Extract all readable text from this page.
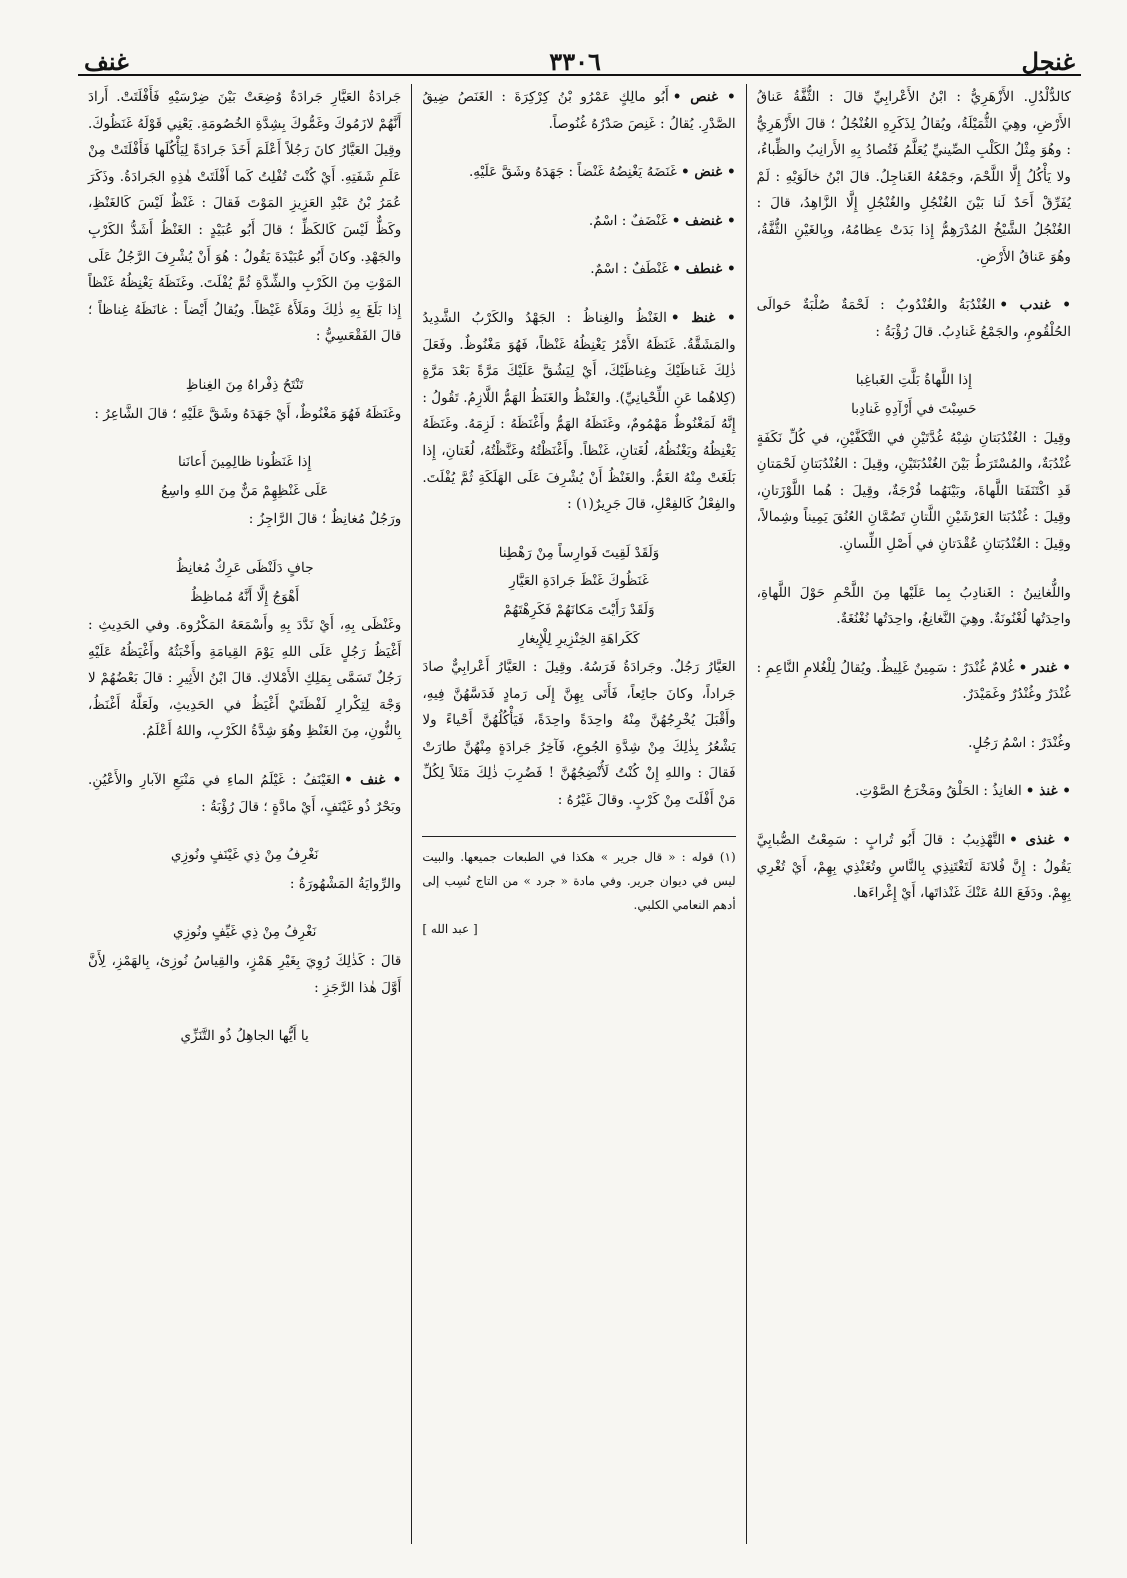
غنف	٣٣٠٦	غنجل

كالدُّلْدُلِ. الأَزْهَرِيُّ : ابْنُ الأَعْرابِيِّ قالَ : الثُّفَّةُ عَناقُ الأَرْضِ، وهِيَ الثُّمَيْلَةُ، ويُقالُ لِذَكَرِهِ الغُنْجُلُ ؛ قالَ الأَزْهَرِيُّ : وهُوَ مِثْلُ الكَلْبِ الصِّينيِّ يُعَلَّمُ فَتُصادُ بِهِ الأَرانِبُ والظِّباءُ، ولا يَأْكُلُ إِلَّا اللَّحْمَ، وجَمْعُهُ الغَناجِلُ. قالَ ابْنُ خالَوَيْهِ : لَمْ يُفَرِّقْ أَحَدٌ لَنا بَيْنَ الغُنْجُلِ والغُنْجُلِ إِلَّا الزَّاهِدُ، قالَ : الغُنْجُلُ الشَّيْخُ المُدْرَهِمُّ إِذا بَدَتْ عِظامُهُ، وبِالغَيْنِ الثُّفَّةُ، وهُوَ عَناقُ الأَرْضِ.

• غندب •الغُنْدُبَةُ والغُنْدُوبُ : لَحْمَةٌ صُلْبَةٌ حَوالَى الحُلْقُومِ، والجَمْعُ غَنادِبُ. قالَ رُؤْبَةُ :

إِذا اللَّهاةُ بَلَّتِ الغَباغِبا
حَسِبْتَ في أَرْآدِهِ غَنادِبا

وقِيلَ : الغُنْدُبَتانِ شِبْهُ غُدَّتَيْنِ في التَّكَفَّيْنِ، في كُلِّ نَكَفَةٍ غُنْدُبَةٌ، والمُسْتَرَطُ بَيْنَ الغُنْدُبَتَيْنِ، وقِيلَ : الغُنْدُبَتانِ لَحْمَتانِ قَدِ اكْتَنَفَتا اللَّهاةَ، وبَيْنَهُما فُرْجَةٌ، وقِيلَ : هُما اللَّوْزَتانِ، وقِيلَ : غُنْدُبَتا العَرْشَيْنِ اللَّتانِ تَضُمَّانِ العُنُقَ يَمِيناً وشِمالاً، وقِيلَ : الغُنْدُبَتانِ عُقْدَتانِ في أَصْلِ اللِّسانِ.

واللُّغانِينُ : الغَنادِبُ بِما عَلَيْها مِنَ اللَّحْمِ حَوْلَ اللَّهاةِ، واحِدَتُها لُغْنُونَةٌ. وهِيَ النَّغانِغُ، واحِدَتُها نُغْنُغَةٌ.

• غندر •غُلامٌ غُنْدَرٌ : سَمِينٌ غَلِيظٌ. ويُقالُ لِلْغُلامِ النَّاعِمِ : غُنْدَرٌ وغُنْدُرٌ وغَمَيْدَرٌ.

وغُنْدَرٌ : اسْمُ رَجُلٍ.

• غنذ •الغانِذُ : الحَلْقُ ومَخْرَجُ الصَّوْتِ.

• غنذى •التَّهْذِيبُ : قالَ أَبُو تُرابٍ : سَمِعْتُ الصُّبابِيَّ يَقُولُ : إِنَّ فُلانَةَ لَتَغْتَنِذِي بِالنَّاسِ وتُغَنْذِي بِهِمْ، أَيْ تُغْرِي بِهِمْ. ودَفَعَ اللهُ عَنْكَ غَنْذاتَها، أَيْ إِغْراءَها.

• غنص •أَبُو مالِكٍ عَمْرُو بْنُ كِرْكِرَةَ : الغَنَصُ ضِيقُ الصَّدْرِ. يُقالُ : غَنِصَ صَدْرُهُ غُنُوصاً.

• غنض •غَنَضَهُ يَغْنِضُهُ غَنْضاً : جَهَدَهُ وشَقَّ عَلَيْهِ.

• غنضف •غَنْضَفٌ : اسْمٌ.

• غنطف •غَنْطَفٌ : اسْمٌ.

• غنظ •الغَنْظُ والغِناظُ : الجَهْدُ والكَرْبُ الشَّدِيدُ والمَشَقَّةُ. غَنَظَهُ الأَمْرُ يَغْنِظُهُ غَنْظاً، فَهُوَ مَغْنُوظٌ. وفَعَلَ ذٰلِكَ غَناظَيْكَ وغِناظَيْكَ، أَيْ لِيَشُقَّ عَلَيْكَ مَرَّةً بَعْدَ مَرَّةٍ (كِلاهُما عَنِ اللِّحْيانِيِّ). والغَنْظُ والغَنَظُ الهَمُّ اللَّازِمُ. تَقُولُ : إِنَّهُ لَمَغْنُوظٌ مَهْمُومٌ، وغَنَظَهُ الهَمُّ وأَغْنَظَهُ : لَزِمَهُ. وغَنَظَهُ يَغْنِظُهُ ويَغْنُظُهُ، لُغَتانِ، غَنْظاً. وأَغْنَظْتُهُ وغَنَّظْتُهُ، لُغَتانِ، إِذا بَلَغَتْ مِنْهُ الغَمُّ. والغَنْظُ أَنْ يُشْرِفَ عَلَى الهَلَكَةِ ثُمَّ يُفْلَتَ. والفِعْلُ كَالفِعْلِ، قالَ جَرِيرٌ(١) :

وَلَقَدْ لَقِيتَ فَوارِساً مِنْ رَهْطِنا
غَنَظُوكَ غَنْظَ جَرادَةِ العَيَّارِ
وَلَقَدْ رَأَيْتَ مَكانَهُمْ فَكَرِهْتَهُمْ
كَكَراهَةِ الخِنْزِيرِ لِلْإِيغارِ

العَيَّارُ رَجُلٌ. وجَرادَةُ فَرَسُهُ. وقِيلَ : العَيَّارُ أَعْرابِيٌّ صادَ جَراداً، وكانَ جائِعاً، فَأَتَى بِهِنَّ إِلَى رَمادٍ فَدَسَّهُنَّ فِيهِ، وأَقْبَلَ يُخْرِجُهُنَّ مِنْهُ واحِدَةً واحِدَةً، فَيَأْكُلُهُنَّ أَحْياءً ولا يَشْعُرُ بِذٰلِكَ مِنْ شِدَّةِ الجُوعِ، فَآخِرُ جَرادَةٍ مِنْهُنَّ طارَتْ فَقالَ : واللهِ إِنْ كُنْتُ لَأُنْضِجُهُنَّ ! فَضُرِبَ ذٰلِكَ مَثَلاً لِكُلِّ مَنْ أَفْلَتَ مِنْ كَرْبٍ. وقالَ غَيْرُهُ :

(١) قوله : « قال جرير » هكذا في الطبعات جميعها. والبيت ليس في ديوان جرير. وفي مادة « جرد » من التاج نُسِب إلى أدهم النعامي الكلبي.
[ عبد الله ]

جَرادَةُ العَيَّارِ جَرادَةٌ وُضِعَتْ بَيْنَ ضِرْسَيْهِ فَأَفْلَتَتْ. أَرادَ أَنَّهُمْ لازَمُوكَ وغَمُّوكَ بِشِدَّةِ الخُصُومَةِ. يَعْنِي قَوْلَهُ غَنَظُوكَ. وقِيلَ العَيَّارُ كانَ رَجُلاً أَعْلَمَ أَخَذَ جَرادَةً لِيَأْكُلَها فَأَفْلَتَتْ مِنْ عَلَمِ شَفَتِهِ. أَيْ كُنْتَ تُفْلِتُ كَما أَفْلَتَتْ هٰذِهِ الجَرادَةُ. وذَكَرَ عُمَرُ بْنُ عَبْدِ العَزِيزِ المَوْتَ فَقالَ : غَنْظٌ لَيْسَ كَالغَنْظِ، وكَظٌّ لَيْسَ كَالكَظِّ ؛ قالَ أَبُو عُبَيْدٍ : الغَنْظُ أَشَدُّ الكَرْبِ والجَهْدِ. وكانَ أَبُو عُبَيْدَةَ يَقُولُ : هُوَ أَنْ يُشْرِفَ الرَّجُلُ عَلَى المَوْتِ مِنَ الكَرْبِ والشِّدَّةِ ثُمَّ يُفْلَتَ. وغَنَظَهُ يَغْنِظُهُ غَنْظاً إِذا بَلَغَ بِهِ ذٰلِكَ ومَلَأَهُ غَيْظاً. ويُقالُ أَيْضاً : غانَظَهُ غِناظاً ؛ قالَ الفَقْعَسِيُّ :

تَنْتَحُ ذِفْراهُ مِنَ الغِناظِ

وغَنَظَهُ فَهُوَ مَغْنُوظٌ، أَيْ جَهَدَهُ وشَقَّ عَلَيْهِ ؛ قالَ الشَّاعِرُ :

إِذا غَنَظُونا ظالِمِينَ أَعانَنا
عَلَى غَنْظِهِمْ مَنٌّ مِنَ اللهِ واسِعُ

ورَجُلٌ مُغانِظٌ ؛ قالَ الرَّاجِزُ :

جافٍ دَلَنْظَى عَرِكٌ مُغانِظُ
أَهْوَجُ إِلَّا أَنَّهُ مُماظِظُ

وغَنْظَى بِهِ، أَيْ نَدَّدَ بِهِ وأَسْمَعَهُ المَكْرُوهَ. وفي الحَدِيثِ : أَغْيَظُ رَجُلٍ عَلَى اللهِ يَوْمَ القِيامَةِ وأَخْبَثُهُ وأَغْيَظُهُ عَلَيْهِ رَجُلٌ تَسَمَّى بِمَلِكِ الأَمْلاكِ. قالَ ابْنُ الأَثِيرِ : قالَ بَعْضُهُمْ لا وَجْهَ لِتِكْرارِ لَفْظَتَيْ أَغْيَظُ في الحَدِيثِ، ولَعَلَّهُ أَغْنَظُ، بِالنُّونِ، مِنَ الغَنْظِ وهُوَ شِدَّةُ الكَرْبِ، واللهُ أَعْلَمُ.

• غنف •الغَيْنَفُ : غَيْلَمُ الماءِ في مَنْبَعِ الآبارِ والأَعْيُنِ. وبَحْرٌ ذُو غَيْنَفٍ، أَيْ مادَّةٍ ؛ قالَ رُؤْبَةُ :

نَغْرِفُ مِنْ ذِي غَيْنَفٍ ونُوزِي

والرِّوايَةُ المَشْهُورَةُ :

نَغْرِفُ مِنْ ذِي غَيِّفٍ ونُوزِي

قالَ : كَذٰلِكَ رُوِيَ بِغَيْرِ هَمْزٍ، والقِياسُ نُوزِئ، بِالهَمْزِ، لِأَنَّ أَوَّلَ هٰذا الرَّجَزِ :

يا أَيُّها الجاهِلُ ذُو التَّنَزِّي
